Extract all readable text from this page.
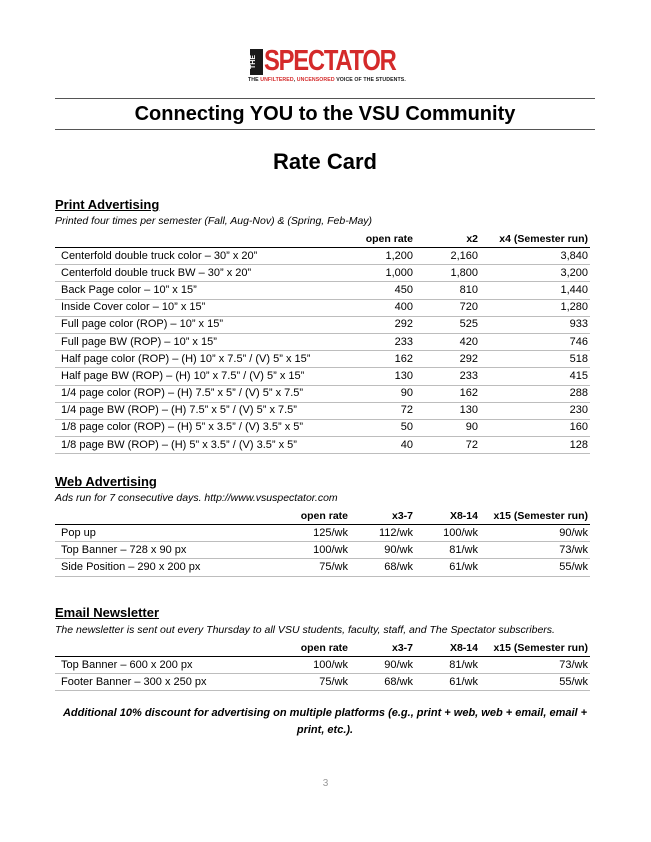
THE SPECTATOR
THE UNFILTERED, UNCENSORED VOICE OF THE STUDENTS.
Connecting YOU to the VSU Community
Rate Card
Print Advertising
Printed four times per semester (Fall, Aug-Nov) & (Spring, Feb-May)
	open rate	x2	x4 (Semester run)
Centerfold double truck color – 30” x 20”	1,200	2,160	3,840
Centerfold double truck BW – 30” x 20”	1,000	1,800	3,200
Back Page color – 10” x 15”	450	810	1,440
Inside Cover color – 10” x 15”	400	720	1,280
Full page color (ROP) – 10” x 15”	292	525	933
Full page BW (ROP) – 10” x 15”	233	420	746
Half page color (ROP) – (H) 10” x 7.5” / (V) 5” x 15”	162	292	518
Half page BW (ROP) – (H) 10” x 7.5” / (V) 5” x 15”	130	233	415
1/4 page color (ROP) – (H) 7.5” x 5” / (V) 5” x 7.5”	90	162	288
1/4 page BW (ROP) – (H) 7.5” x 5” / (V) 5” x 7.5”	72	130	230
1/8 page color (ROP) – (H) 5” x 3.5” / (V) 3.5” x 5”	50	90	160
1/8 page BW (ROP) – (H) 5” x 3.5” / (V) 3.5” x 5”	40	72	128
Web Advertising
Ads run for 7 consecutive days. http://www.vsuspectator.com
	open rate	x3-7	X8-14	x15 (Semester run)
Pop up	125/wk	112/wk	100/wk	90/wk
Top Banner – 728 x 90 px	100/wk	90/wk	81/wk	73/wk
Side Position – 290 x 200 px	75/wk	68/wk	61/wk	55/wk
Email Newsletter
The newsletter is sent out every Thursday to all VSU students, faculty, staff, and The Spectator subscribers.
	open rate	x3-7	X8-14	x15 (Semester run)
Top Banner – 600 x 200 px	100/wk	90/wk	81/wk	73/wk
Footer Banner – 300 x 250 px	75/wk	68/wk	61/wk	55/wk
Additional 10% discount for advertising on multiple platforms (e.g., print + web, web + email, email + print, etc.).
3
